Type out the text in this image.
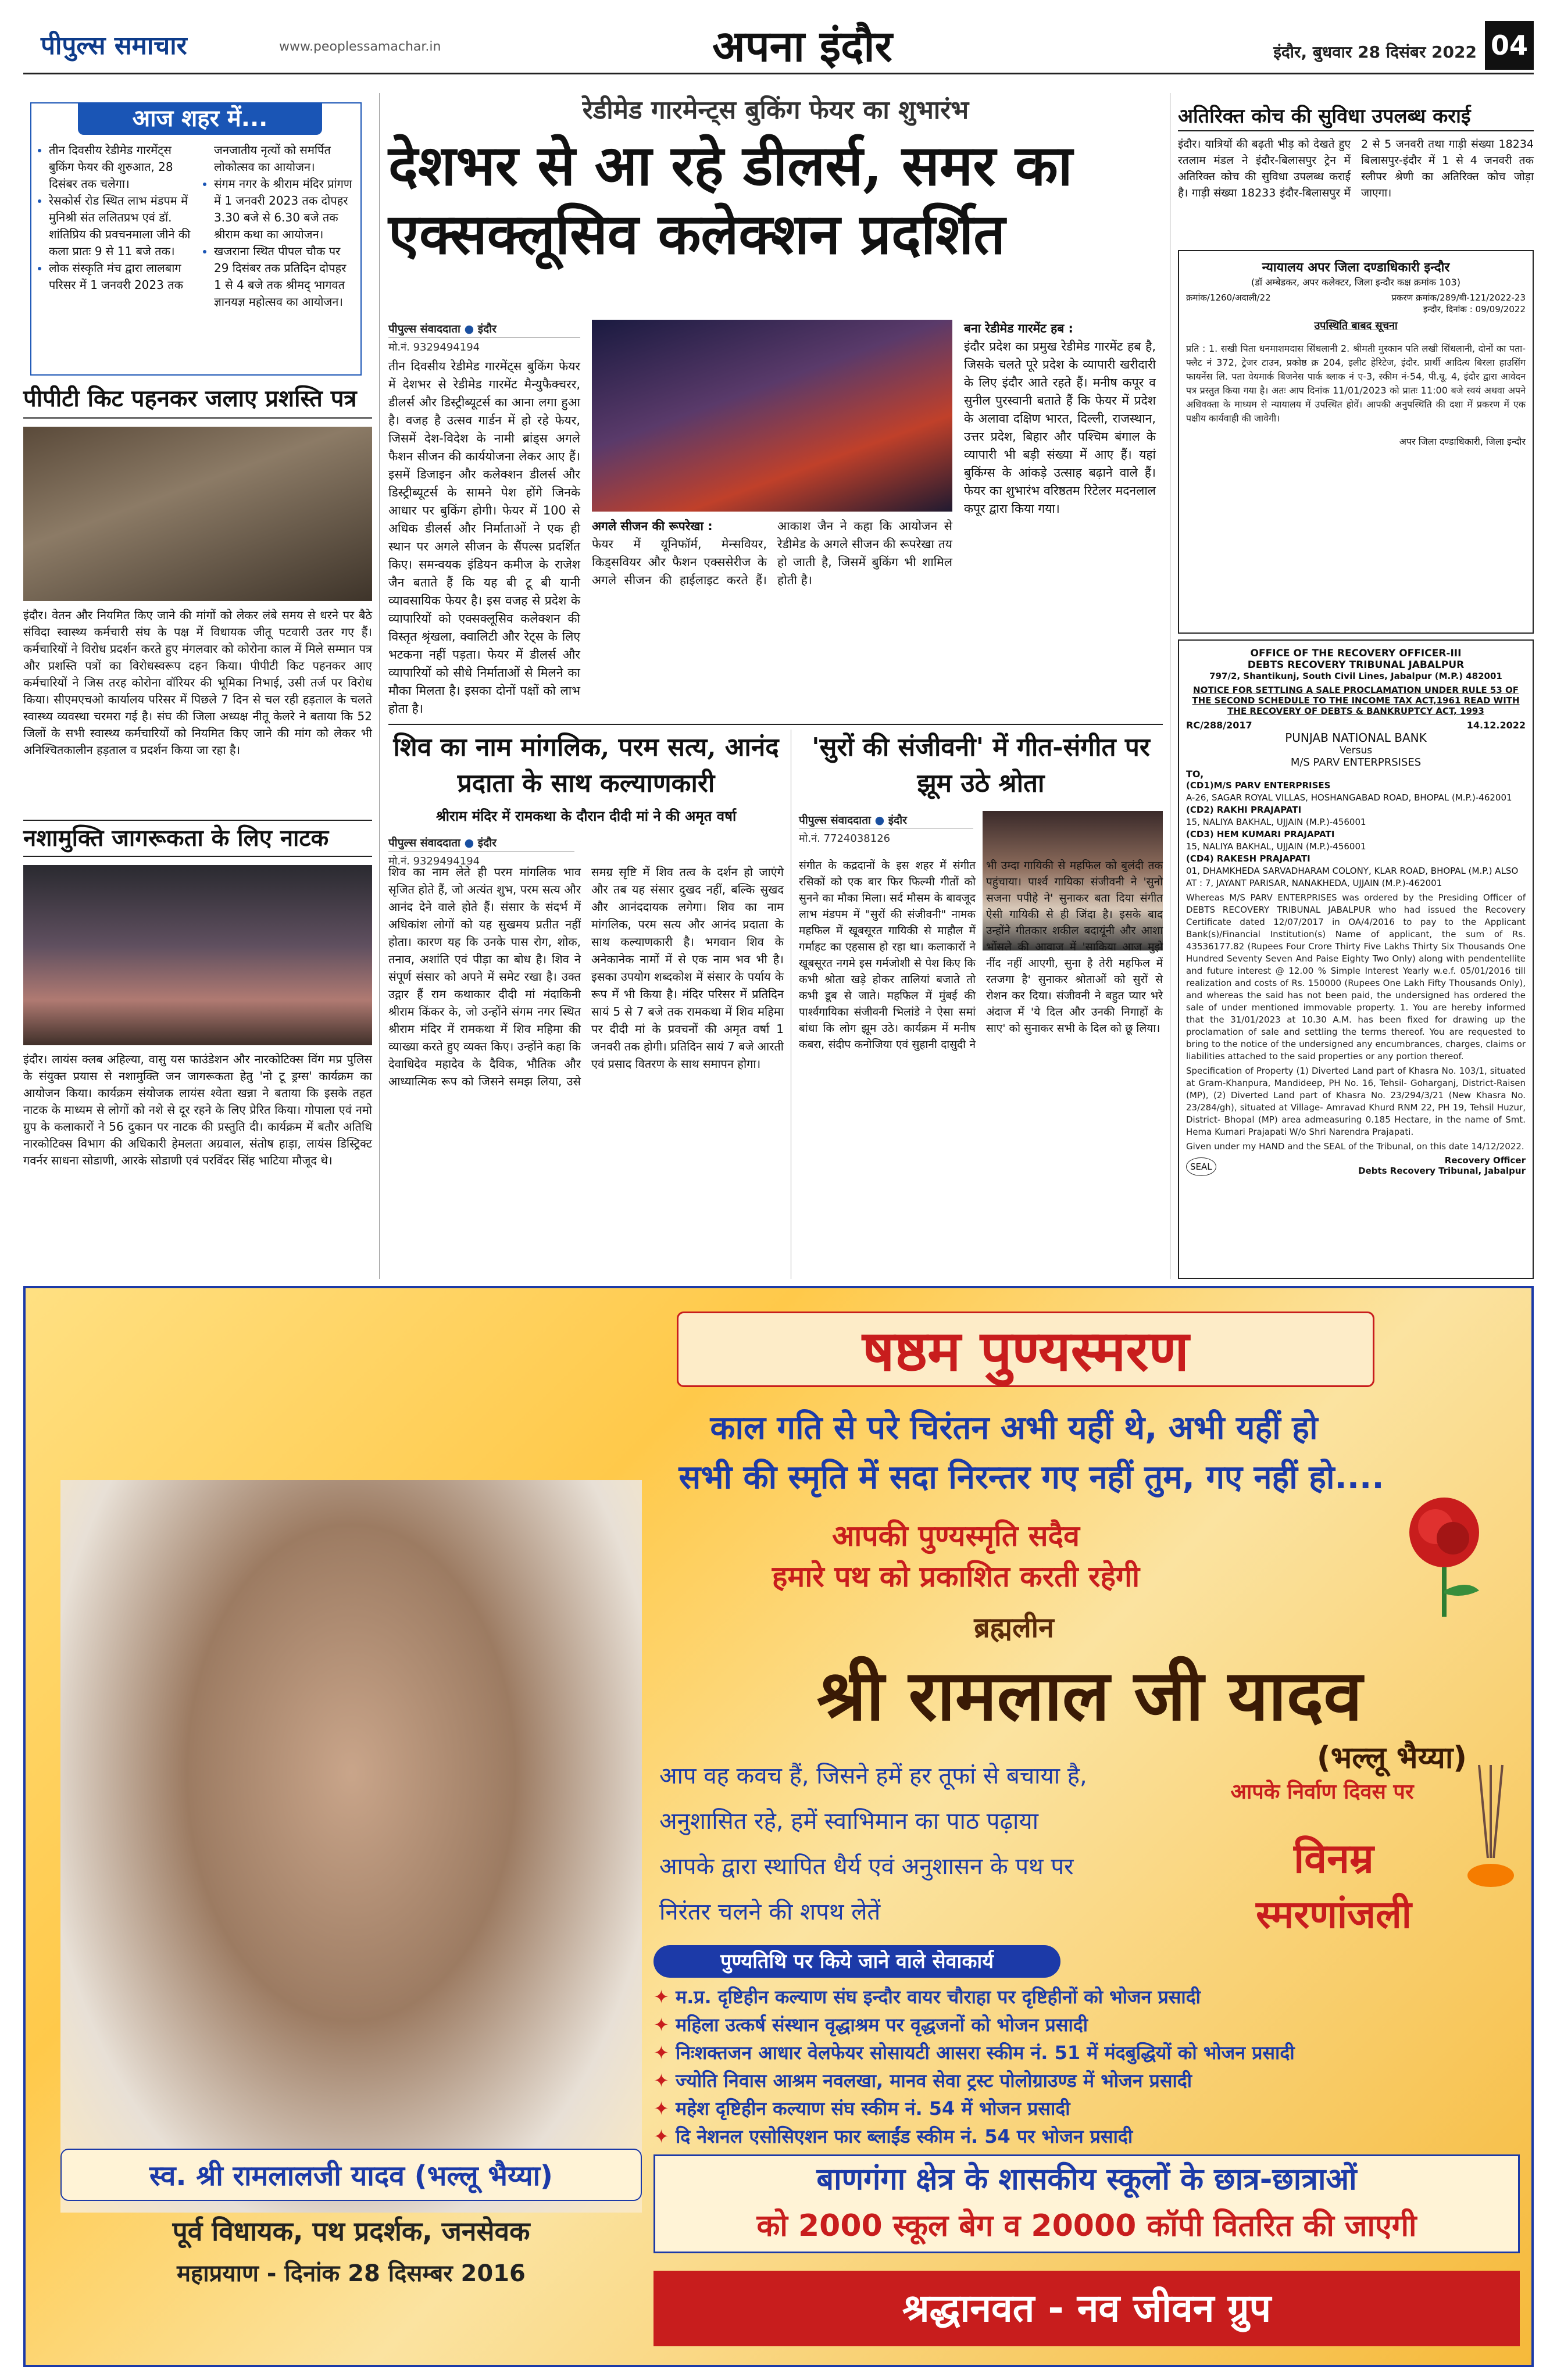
पीपुल्स समाचार	www.peoplessamachar.in	अपना इंदौर	इंदौर, बुधवार 28 दिसंबर 2022 04
आज शहर में...
• तीन दिवसीय रेडीमेड गारमेंट्स बुकिंग फेयर की शुरुआत, 28 दिसंबर तक चलेगा।
• रेसकोर्स रोड स्थित लाभ मंडपम में मुनिश्री संत ललितप्रभ एवं डॉ. शांतिप्रिय की प्रवचनमाला जीने की कला प्रातः 9 से 11 बजे तक।
• लोक संस्कृति मंच द्वारा लालबाग परिसर में 1 जनवरी 2023 तक जनजातीय नृत्यों को समर्पित लोकोत्सव का आयोजन।
• संगम नगर के श्रीराम मंदिर प्रांगण में 1 जनवरी 2023 तक दोपहर 3.30 बजे से 6.30 बजे तक श्रीराम कथा का आयोजन।
• खजराना स्थित पीपल चौक पर 29 दिसंबर तक प्रतिदिन दोपहर 1 से 4 बजे तक श्रीमद् भागवत ज्ञानयज्ञ महोत्सव का आयोजन।
पीपीटी किट पहनकर जलाए प्रशस्ति पत्र

इंदौर। वेतन और नियमित किए जाने की मांगों को लेकर लंबे समय से धरने पर बैठे संविदा स्वास्थ्य कर्मचारी संघ के पक्ष में विधायक जीतू पटवारी उतर गए हैं। कर्मचारियों ने विरोध प्रदर्शन करते हुए मंगलवार को कोरोना काल में मिले सम्मान पत्र और प्रशस्ति पत्रों का विरोधस्वरूप दहन किया। पीपीटी किट पहनकर आए कर्मचारियों ने जिस तरह कोरोना वॉरियर की भूमिका निभाई, उसी तर्ज पर विरोध किया। सीएमएचओ कार्यालय परिसर में पिछले 7 दिन से चल रही हड़ताल के चलते स्वास्थ्य व्यवस्था चरमरा गई है। संघ की जिला अध्यक्ष नीतू केलरे ने बताया कि 52 जिलों के सभी स्वास्थ्य कर्मचारियों को नियमित किए जाने की मांग को लेकर भी अनिश्चितकालीन हड़ताल व प्रदर्शन किया जा रहा है।

नशामुक्ति जागरूकता के लिए नाटक

इंदौर। लायंस क्लब अहिल्या, वासु यस फाउंडेशन और नारकोटिक्स विंग मप्र पुलिस के संयुक्त प्रयास से नशामुक्ति जन जागरूकता हेतु 'नो टू ड्रग्स' कार्यक्रम का आयोजन किया। कार्यक्रम संयोजक लायंस श्वेता खन्ना ने बताया कि इसके तहत नाटक के माध्यम से लोगों को नशे से दूर रहने के लिए प्रेरित किया। गोपाला एवं नमो ग्रुप के कलाकारों ने 56 दुकान पर नाटक की प्रस्तुति दी। कार्यक्रम में बतौर अतिथि नारकोटिक्स विभाग की अधिकारी हेमलता अग्रवाल, संतोष हाड़ा, लायंस डिस्ट्रिक्ट गवर्नर साधना सोडाणी, आरके सोडाणी एवं परविंदर सिंह भाटिया मौजूद थे।

रेडीमेड गारमेन्ट्स बुकिंग फेयर का शुभारंभ
देशभर से आ रहे डीलर्स, समर का एक्सक्लूसिव कलेक्शन प्रदर्शित
पीपुल्स संवाददाता ● इंदौर
मो.नं. 9329494194

तीन दिवसीय रेडीमेड गारमेंट्स बुकिंग फेयर में देशभर से रेडीमेड गारमेंट मैन्युफैक्चरर, डीलर्स और डिस्ट्रीब्यूटर्स का आना लगा हुआ है। वजह है उत्सव गार्डन में हो रहे फेयर, जिसमें देश-विदेश के नामी ब्रांड्स अगले फैशन सीजन की कार्ययोजना लेकर आए हैं। इसमें डिजाइन और कलेक्शन डीलर्स और डिस्ट्रीब्यूटर्स के सामने पेश होंगे जिनके आधार पर बुकिंग होगी। फेयर में 100 से अधिक डीलर्स और निर्माताओं ने एक ही स्थान पर अगले सीजन के सैंपल्स प्रदर्शित किए। समन्वयक इंडियन कमीज के राजेश जैन बताते हैं कि यह बी टू बी यानी व्यावसायिक फेयर है। इस वजह से प्रदेश के व्यापारियों को एक्सक्लूसिव कलेक्शन की विस्तृत श्रृंखला, क्वालिटी और रेट्स के लिए भटकना नहीं पड़ता। फेयर में डीलर्स और व्यापारियों को सीधे निर्माताओं से मिलने का मौका मिलता है। इसका दोनों पक्षों को लाभ होता है।

अगले सीजन की रूपरेखा :

फेयर में यूनिफॉर्म, मेन्सवियर, किड्सवियर और फैशन एक्ससेरीज के अगले सीजन की हाईलाइट करते हैं। आकाश जैन ने कहा कि आयोजन से रेडीमेड के अगले सीजन की रूपरेखा तय हो जाती है, जिसमें बुकिंग भी शामिल होती है।

बना रेडीमेड गारमेंट हब :

इंदौर प्रदेश का प्रमुख रेडीमेड गारमेंट हब है, जिसके चलते पूरे प्रदेश के व्यापारी खरीदारी के लिए इंदौर आते रहते हैं। मनीष कपूर व सुनील पुरस्वानी बताते हैं कि फेयर में प्रदेश के अलावा दक्षिण भारत, दिल्ली, राजस्थान, उत्तर प्रदेश, बिहार और पश्चिम बंगाल के व्यापारी भी बड़ी संख्या में आए हैं। यहां बुकिंग्स के आंकड़े उत्साह बढ़ाने वाले हैं। फेयर का शुभारंभ वरिष्ठतम रिटेलर मदनलाल कपूर द्वारा किया गया।

शिव का नाम मांगलिक, परम सत्य, आनंद प्रदाता के साथ कल्याणकारी
श्रीराम मंदिर में रामकथा के दौरान दीदी मां ने की अमृत वर्षा
पीपुल्स संवाददाता ● इंदौर
मो.नं. 9329494194

शिव का नाम लेते ही परम मांगलिक भाव सृजित होते हैं, जो अत्यंत शुभ, परम सत्य और आनंद देने वाले होते हैं। संसार के संदर्भ में अधिकांश लोगों को यह सुखमय प्रतीत नहीं होता। कारण यह कि उनके पास रोग, शोक, तनाव, अशांति एवं पीड़ा का बोध है। शिव ने संपूर्ण संसार को अपने में समेट रखा है। उक्त उद्गार हैं राम कथाकार दीदी मां मंदाकिनी श्रीराम किंकर के, जो उन्होंने संगम नगर स्थित श्रीराम मंदिर में रामकथा में शिव महिमा की व्याख्या करते हुए व्यक्त किए। उन्होंने कहा कि देवाधिदेव महादेव के दैविक, भौतिक और आध्यात्मिक रूप को जिसने समझ लिया, उसे समग्र सृष्टि में शिव तत्व के दर्शन हो जाएंगे और तब यह संसार दुखद नहीं, बल्कि सुखद और आनंददायक लगेगा। शिव का नाम मांगलिक, परम सत्य और आनंद प्रदाता के साथ कल्याणकारी है। भगवान शिव के अनेकानेक नामों में से एक नाम भव भी है। इसका उपयोग शब्दकोश में संसार के पर्याय के रूप में भी किया है। मंदिर परिसर में प्रतिदिन सायं 5 से 7 बजे तक रामकथा में शिव महिमा पर दीदी मां के प्रवचनों की अमृत वर्षा 1 जनवरी तक होगी। प्रतिदिन सायं 7 बजे आरती एवं प्रसाद वितरण के साथ समापन होगा।

'सुरों की संजीवनी' में गीत-संगीत पर झूम उठे श्रोता
पीपुल्स संवाददाता ● इंदौर
मो.नं. 7724038126

संगीत के कद्रदानों के इस शहर में संगीत रसिकों को एक बार फिर फिल्मी गीतों को सुनने का मौका मिला। सर्द मौसम के बावजूद लाभ मंडपम में "सुरों की संजीवनी" नामक महफिल में खूबसूरत गायिकी से माहौल में गर्माहट का एहसास हो रहा था। कलाकारों ने खूबसूरत नगमे इस गर्मजोशी से पेश किए कि कभी श्रोता खड़े होकर तालियां बजाते तो कभी डूब से जाते। महफिल में मुंबई की पार्श्वगायिका संजीवनी भिलांडे ने ऐसा समां बांधा कि लोग झूम उठे। कार्यक्रम में मनीष कबरा, संदीप कनोजिया एवं सुहानी दासुदी ने भी उम्दा गायिकी से महफिल को बुलंदी तक पहुंचाया। पार्श्व गायिका संजीवनी ने 'सुनो सजना पपीहे ने' सुनाकर बता दिया संगीत ऐसी गायिकी से ही जिंदा है। इसके बाद उन्होंने गीतकार शकील बदायूंनी और आशा भोंसले की आवाज में 'साकिया आज मुझे नींद नहीं आएगी, सुना है तेरी महफिल में रतजगा है' सुनाकर श्रोताओं को सुरों से रोशन कर दिया। संजीवनी ने बहुत प्यार भरे अंदाज में 'ये दिल और उनकी निगाहों के साए' को सुनाकर सभी के दिल को छू लिया।

अतिरिक्त कोच की सुविधा उपलब्ध कराई

इंदौर। यात्रियों की बढ़ती भीड़ को देखते हुए रतलाम मंडल ने इंदौर-बिलासपुर ट्रेन में अतिरिक्त कोच की सुविधा उपलब्ध कराई है। गाड़ी संख्या 18233 इंदौर-बिलासपुर में 2 से 5 जनवरी तथा गाड़ी संख्या 18234 बिलासपुर-इंदौर में 1 से 4 जनवरी तक स्लीपर श्रेणी का अतिरिक्त कोच जोड़ा जाएगा।

न्यायालय अपर जिला दण्डाधिकारी इन्दौर
(डॉ अम्बेडकर, अपर कलेक्टर, जिला इन्दौर कक्ष क्रमांक 103)
क्रमांक/1260/अदाली/22	प्रकरण क्रमांक/289/बी-121/2022-23
इन्दौर, दिनांक : 09/09/2022
उपस्थिति बाबद सूचना

प्रति : 1. सखी पिता धनमाशमदास सिंधलानी 2. श्रीमती मुस्कान पति लखी सिंधलानी, दोनों का पता- फ्लैट नं 372, ट्रेजर टाउन, प्रकोष्ठ क्र 204, इलीट हेरिटेज, इंदौर. प्रार्थी आदित्य बिरला हाउसिंग फायनेंस लि. पता वेयमार्क बिजनेस पार्क ब्लाक नं ए-3, स्कीम नं-54, पी.यू. 4, इंदौर द्वारा आवेदन पत्र प्रस्तुत किया गया है। अतः आप दिनांक 11/01/2023 को प्रातः 11:00 बजे स्वयं अथवा अपने अधिवक्ता के माध्यम से न्यायालय में उपस्थित होवें। आपकी अनुपस्थिति की दशा में प्रकरण में एक पक्षीय कार्यवाही की जावेगी।

अपर जिला दण्डाधिकारी, जिला इन्दौर
OFFICE OF THE RECOVERY OFFICER-III
DEBTS RECOVERY TRIBUNAL JABALPUR
797/2, Shantikunj, South Civil Lines, Jabalpur (M.P.) 482001
NOTICE FOR SETTLING A SALE PROCLAMATION UNDER RULE 53 OF THE SECOND SCHEDULE TO THE INCOME TAX ACT,1961 READ WITH THE RECOVERY OF DEBTS & BANKRUPTCY ACT, 1993
RC/288/2017	14.12.2022
PUNJAB NATIONAL BANK
Versus
M/S PARV ENTERPRSISES
TO,
(CD1)M/S PARV ENTERPRISES
A-26, SAGAR ROYAL VILLAS, HOSHANGABAD ROAD, BHOPAL (M.P.)-462001
(CD2) RAKHI PRAJAPATI
15, NALIYA BAKHAL, UJJAIN (M.P.)-456001
(CD3) HEM KUMARI PRAJAPATI
15, NALIYA BAKHAL, UJJAIN (M.P.)-456001
(CD4) RAKESH PRAJAPATI
01, DHAMKHEDA SARVADHARAM COLONY, KLAR ROAD, BHOPAL (M.P.) ALSO AT : 7, JAYANT PARISAR, NANAKHEDA, UJJAIN (M.P.)-462001

Whereas M/S PARV ENTERPRISES was ordered by the Presiding Officer of DEBTS RECOVERY TRIBUNAL JABALPUR who had issued the Recovery Certificate dated 12/07/2017 in OA/4/2016 to pay to the Applicant Bank(s)/Financial Institution(s) Name of applicant, the sum of Rs. 43536177.82 (Rupees Four Crore Thirty Five Lakhs Thirty Six Thousands One Hundred Seventy Seven And Paise Eighty Two Only) along with pendentellite and future interest @ 12.00 % Simple Interest Yearly w.e.f. 05/01/2016 till realization and costs of Rs. 150000 (Rupees One Lakh Fifty Thousands Only), and whereas the said has not been paid, the undersigned has ordered the sale of under mentioned immovable property. 1. You are hereby informed that the 31/01/2023 at 10.30 A.M. has been fixed for drawing up the proclamation of sale and settling the terms thereof. You are requested to bring to the notice of the undersigned any encumbrances, charges, claims or liabilities attached to the said properties or any portion thereof.

Specification of Property (1) Diverted Land part of Khasra No. 103/1, situated at Gram-Khanpura, Mandideep, PH No. 16, Tehsil- Goharganj, District-Raisen (MP), (2) Diverted Land part of Khasra No. 23/294/3/21 (New Khasra No. 23/284/gh), situated at Village- Amravad Khurd RNM 22, PH 19, Tehsil Huzur, District- Bhopal (MP) area admeasuring 0.185 Hectare, in the name of Smt. Hema Kumari Prajapati W/o Shri Narendra Prajapati.

Given under my HAND and the SEAL of the Tribunal, on this date 14/12/2022.

SEAL
Recovery Officer
Debts Recovery Tribunal, Jabalpur
षष्ठम पुण्यस्मरण
काल गति से परे चिरंतन अभी यहीं थे, अभी यहीं हो
सभी की स्मृति में सदा निरन्तर गए नहीं तुम, गए नहीं हो....
आपकी पुण्यस्मृति सदैव
हमारे पथ को प्रकाशित करती रहेगी
ब्रह्मलीन
श्री रामलाल जी यादव
(भल्लू भैय्या)
आप वह कवच हैं, जिसने हमें हर तूफां से बचाया है,
अनुशासित रहे, हमें स्वाभिमान का पाठ पढ़ाया
आपके द्वारा स्थापित धैर्य एवं अनुशासन के पथ पर
निरंतर चलने की शपथ लेतें
आपके निर्वाण दिवस पर
विनम्र
स्मरणांजली
पुण्यतिथि पर किये जाने वाले सेवाकार्य
✦ म.प्र. दृष्टिहीन कल्याण संघ इन्दौर वायर चौराहा पर दृष्टिहीनों को भोजन प्रसादी
✦ महिला उत्कर्ष संस्थान वृद्धाश्रम पर वृद्धजनों को भोजन प्रसादी
✦ निःशक्तजन आधार वेलफेयर सोसायटी आसरा स्कीम नं. 51 में मंदबुद्धियों को भोजन प्रसादी
✦ ज्योति निवास आश्रम नवलखा, मानव सेवा ट्रस्ट पोलोग्राउण्ड में भोजन प्रसादी
✦ महेश दृष्टिहीन कल्याण संघ स्कीम नं. 54 में भोजन प्रसादी
✦ दि नेशनल एसोसिएशन फार ब्लाईंड स्कीम नं. 54 पर भोजन प्रसादी
स्व. श्री रामलालजी यादव (भल्लू भैय्या)
पूर्व विधायक, पथ प्रदर्शक, जनसेवक
महाप्रयाण - दिनांक 28 दिसम्बर 2016
बाणगंगा क्षेत्र के शासकीय स्कूलों के छात्र-छात्राओं
को 2000 स्कूल बेग व 20000 कॉपी वितरित की जाएगी
श्रद्धानवत - नव जीवन ग्रुप
